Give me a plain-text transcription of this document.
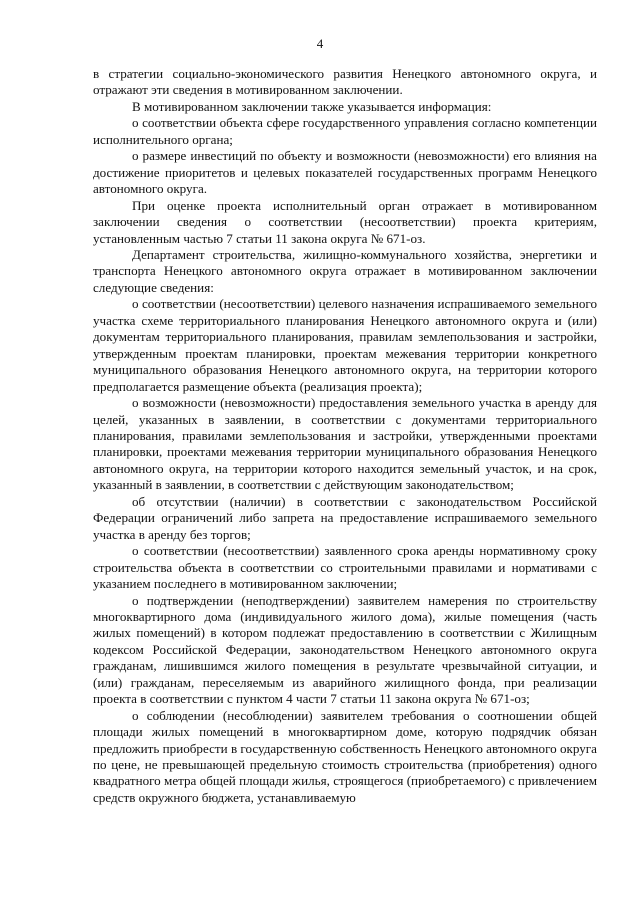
4

в стратегии социально-экономического развития Ненецкого автономного округа, и отражают эти сведения в мотивированном заключении.

В мотивированном заключении также указывается информация:

о соответствии объекта сфере государственного управления согласно компетенции исполнительного органа;

о размере инвестиций по объекту и возможности (невозможности) его влияния на достижение приоритетов и целевых показателей государственных программ Ненецкого автономного округа.

При оценке проекта исполнительный орган отражает в мотивированном заключении сведения о соответствии (несоответствии) проекта критериям, установленным частью 7 статьи 11 закона округа № 671-оз.

Департамент строительства, жилищно-коммунального хозяйства, энергетики и транспорта Ненецкого автономного округа отражает в мотивированном заключении следующие сведения:

о соответствии (несоответствии) целевого назначения испрашиваемого земельного участка схеме территориального планирования Ненецкого автономного округа и (или) документам территориального планирования, правилам землепользования и застройки, утвержденным проектам планировки, проектам межевания территории конкретного муниципального образования Ненецкого автономного округа, на территории которого предполагается размещение объекта (реализация проекта);

о возможности (невозможности) предоставления земельного участка в аренду для целей, указанных в заявлении, в соответствии с документами территориального планирования, правилами землепользования и застройки, утвержденными проектами планировки, проектами межевания территории муниципального образования Ненецкого автономного округа, на территории которого находится земельный участок, и на срок, указанный в заявлении, в соответствии с действующим законодательством;

об отсутствии (наличии) в соответствии с законодательством Российской Федерации ограничений либо запрета на предоставление испрашиваемого земельного участка в аренду без торгов;

о соответствии (несоответствии) заявленного срока аренды нормативному сроку строительства объекта в соответствии со строительными правилами и нормативами с указанием последнего в мотивированном заключении;

о подтверждении (неподтверждении) заявителем намерения по строительству многоквартирного дома (индивидуального жилого дома), жилые помещения (часть жилых помещений) в котором подлежат предоставлению в соответствии с Жилищным кодексом Российской Федерации, законодательством Ненецкого автономного округа гражданам, лишившимся жилого помещения в результате чрезвычайной ситуации, и (или) гражданам, переселяемым из аварийного жилищного фонда, при реализации проекта в соответствии с пунктом 4 части 7 статьи 11 закона округа № 671-оз;

о соблюдении (несоблюдении) заявителем требования о соотношении общей площади жилых помещений в многоквартирном доме, которую подрядчик обязан предложить приобрести в государственную собственность Ненецкого автономного округа по цене, не превышающей предельную стоимость строительства (приобретения) одного квадратного метра общей площади жилья, строящегося (приобретаемого) с привлечением средств окружного бюджета, устанавливаемую
